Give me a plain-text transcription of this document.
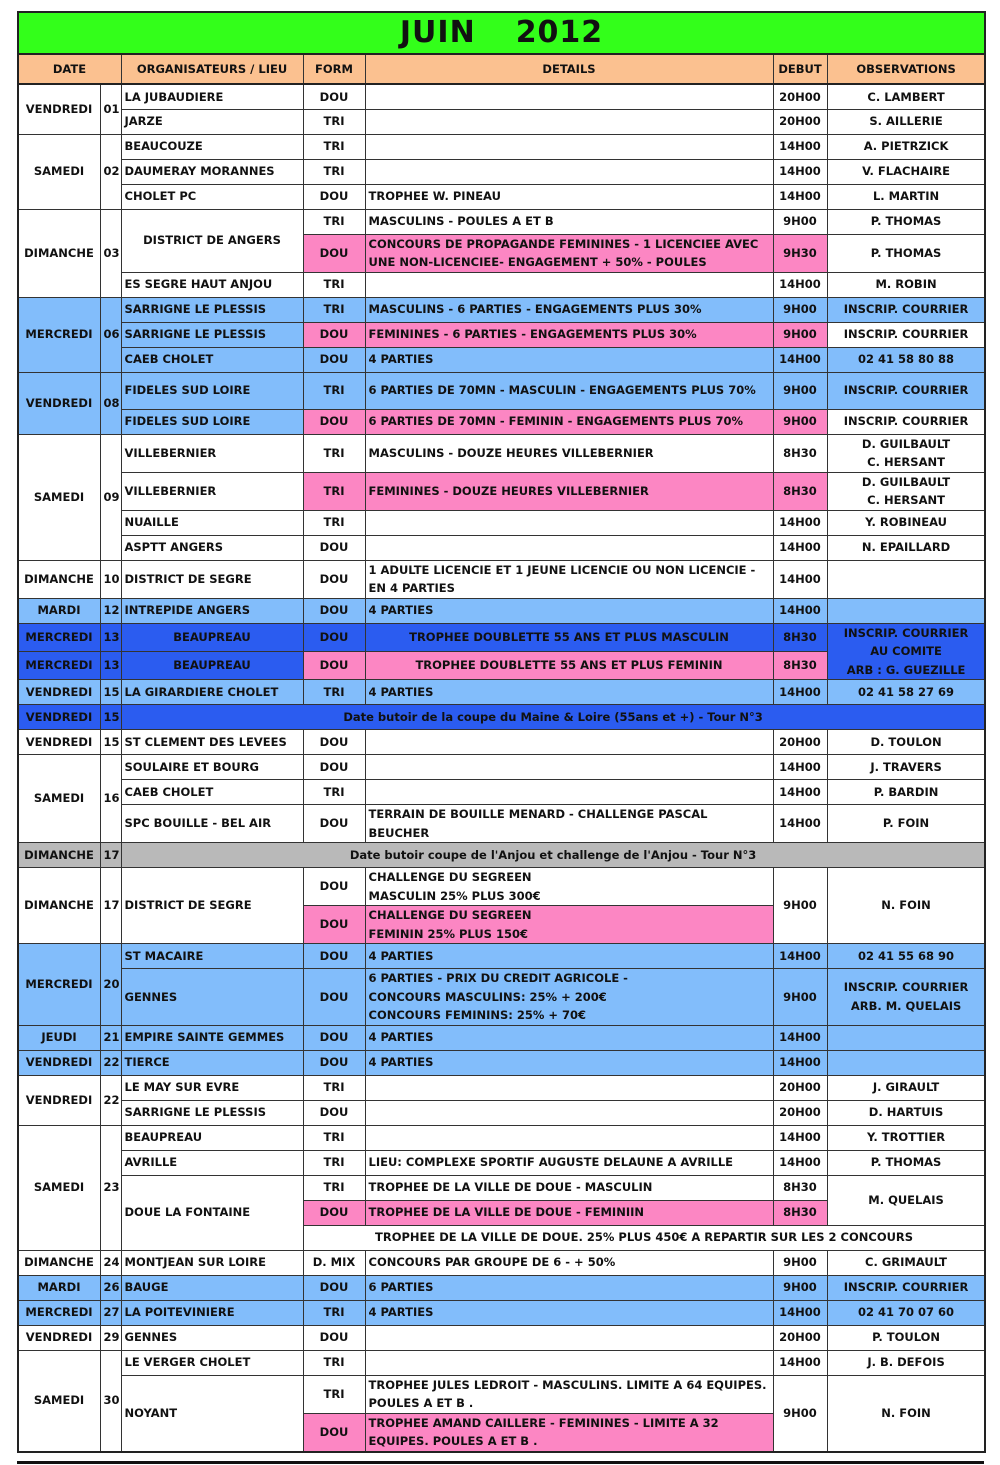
JUIN 2012						
DATE		ORGANISATEURS / LIEU	FORM	DETAILS	DEBUT	OBSERVATIONS
VENDREDI	01	LA JUBAUDIERE	DOU		20H00	C. LAMBERT
		JARZE	TRI		20H00	S. AILLERIE
SAMEDI	02	BEAUCOUZE	TRI		14H00	A. PIETRZICK
		DAUMERAY MORANNES	TRI		14H00	V. FLACHAIRE
		CHOLET PC	DOU	TROPHEE W. PINEAU	14H00	L. MARTIN
DIMANCHE	03	DISTRICT DE ANGERS	TRI	MASCULINS - POULES A ET B	9H00	P. THOMAS
			DOU	CONCOURS DE PROPAGANDE FEMININES - 1 LICENCIEE AVEC UNE NON-LICENCIEE- ENGAGEMENT + 50% - POULES	9H30	P. THOMAS
		ES SEGRE HAUT ANJOU	TRI		14H00	M. ROBIN
MERCREDI	06	SARRIGNE LE PLESSIS	TRI	MASCULINS - 6 PARTIES - ENGAGEMENTS PLUS 30%	9H00	INSCRIP. COURRIER
		SARRIGNE LE PLESSIS	DOU	FEMININES - 6 PARTIES - ENGAGEMENTS PLUS 30%	9H00	INSCRIP. COURRIER
		CAEB CHOLET	DOU	4 PARTIES	14H00	02 41 58 80 88
VENDREDI	08	FIDELES SUD LOIRE	TRI	6 PARTIES DE 70MN - MASCULIN - ENGAGEMENTS PLUS 70%	9H00	INSCRIP. COURRIER
		FIDELES SUD LOIRE	DOU	6 PARTIES DE 70MN - FEMININ - ENGAGEMENTS PLUS 70%	9H00	INSCRIP. COURRIER
SAMEDI	09	VILLEBERNIER	TRI	MASCULINS - DOUZE HEURES VILLEBERNIER	8H30	D. GUILBAULT
C. HERSANT
		VILLEBERNIER	TRI	FEMININES - DOUZE HEURES VILLEBERNIER	8H30	D. GUILBAULT
C. HERSANT
		NUAILLE	TRI		14H00	Y. ROBINEAU
		ASPTT ANGERS	DOU		14H00	N. EPAILLARD
DIMANCHE	10	DISTRICT DE SEGRE	DOU	1 ADULTE LICENCIE ET 1 JEUNE LICENCIE OU NON LICENCIE - EN 4 PARTIES	14H00	
MARDI	12	INTREPIDE ANGERS	DOU	4 PARTIES	14H00	
MERCREDI	13	BEAUPREAU	DOU	TROPHEE DOUBLETTE 55 ANS ET PLUS MASCULIN	8H30	INSCRIP. COURRIER
AU COMITE
ARB : G. GUEZILLE
MERCREDI	13	BEAUPREAU	DOU	TROPHEE DOUBLETTE 55 ANS ET PLUS FEMININ	8H30	
VENDREDI	15	LA GIRARDIERE CHOLET	TRI	4 PARTIES	14H00	02 41 58 27 69
VENDREDI	15	Date butoir de la coupe du Maine & Loire (55ans et +) - Tour N°3				
VENDREDI	15	ST CLEMENT DES LEVEES	DOU		20H00	D. TOULON
SAMEDI	16	SOULAIRE ET BOURG	DOU		14H00	J. TRAVERS
		CAEB CHOLET	TRI		14H00	P. BARDIN
		SPC BOUILLE - BEL AIR	DOU	TERRAIN DE BOUILLE MENARD - CHALLENGE PASCAL BEUCHER	14H00	P. FOIN
DIMANCHE	17	Date butoir coupe de l'Anjou et challenge de l'Anjou - Tour N°3				
DIMANCHE	17	DISTRICT DE SEGRE	DOU	CHALLENGE DU SEGREEN
MASCULIN 25% PLUS 300€	9H00	N. FOIN
			DOU	CHALLENGE DU SEGREEN
FEMININ 25% PLUS 150€		
MERCREDI	20	ST MACAIRE	DOU	4 PARTIES	14H00	02 41 55 68 90
		GENNES	DOU	6 PARTIES - PRIX DU CREDIT AGRICOLE -
CONCOURS MASCULINS: 25% + 200€
CONCOURS FEMININS: 25% + 70€	9H00	INSCRIP. COURRIER
ARB. M. QUELAIS
JEUDI	21	EMPIRE SAINTE GEMMES	DOU	4 PARTIES	14H00	
VENDREDI	22	TIERCE	DOU	4 PARTIES	14H00	
VENDREDI	22	LE MAY SUR EVRE	TRI		20H00	J. GIRAULT
		SARRIGNE LE PLESSIS	DOU		20H00	D. HARTUIS
SAMEDI	23	BEAUPREAU	TRI		14H00	Y. TROTTIER
		AVRILLE	TRI	LIEU: COMPLEXE SPORTIF AUGUSTE DELAUNE A AVRILLE	14H00	P. THOMAS
		DOUE LA FONTAINE	TRI	TROPHEE DE LA VILLE DE DOUE - MASCULIN	8H30	M. QUELAIS
			DOU	TROPHEE DE LA VILLE DE DOUE - FEMINIIN	8H30	
			TROPHEE DE LA VILLE DE DOUE. 25% PLUS 450€ A REPARTIR SUR LES 2 CONCOURS			
DIMANCHE	24	MONTJEAN SUR LOIRE	D. MIX	CONCOURS PAR GROUPE DE 6 - + 50%	9H00	C. GRIMAULT
MARDI	26	BAUGE	DOU	6 PARTIES	9H00	INSCRIP. COURRIER
MERCREDI	27	LA POITEVINIERE	TRI	4 PARTIES	14H00	02 41 70 07 60
VENDREDI	29	GENNES	DOU		20H00	P. TOULON
SAMEDI	30	LE VERGER CHOLET	TRI		14H00	J. B. DEFOIS
		NOYANT	TRI	TROPHEE JULES LEDROIT - MASCULINS. LIMITE A 64 EQUIPES. POULES A ET B .	9H00	N. FOIN
			DOU	TROPHEE AMAND CAILLERE - FEMININES - LIMITE A 32 EQUIPES. POULES A ET B .		
